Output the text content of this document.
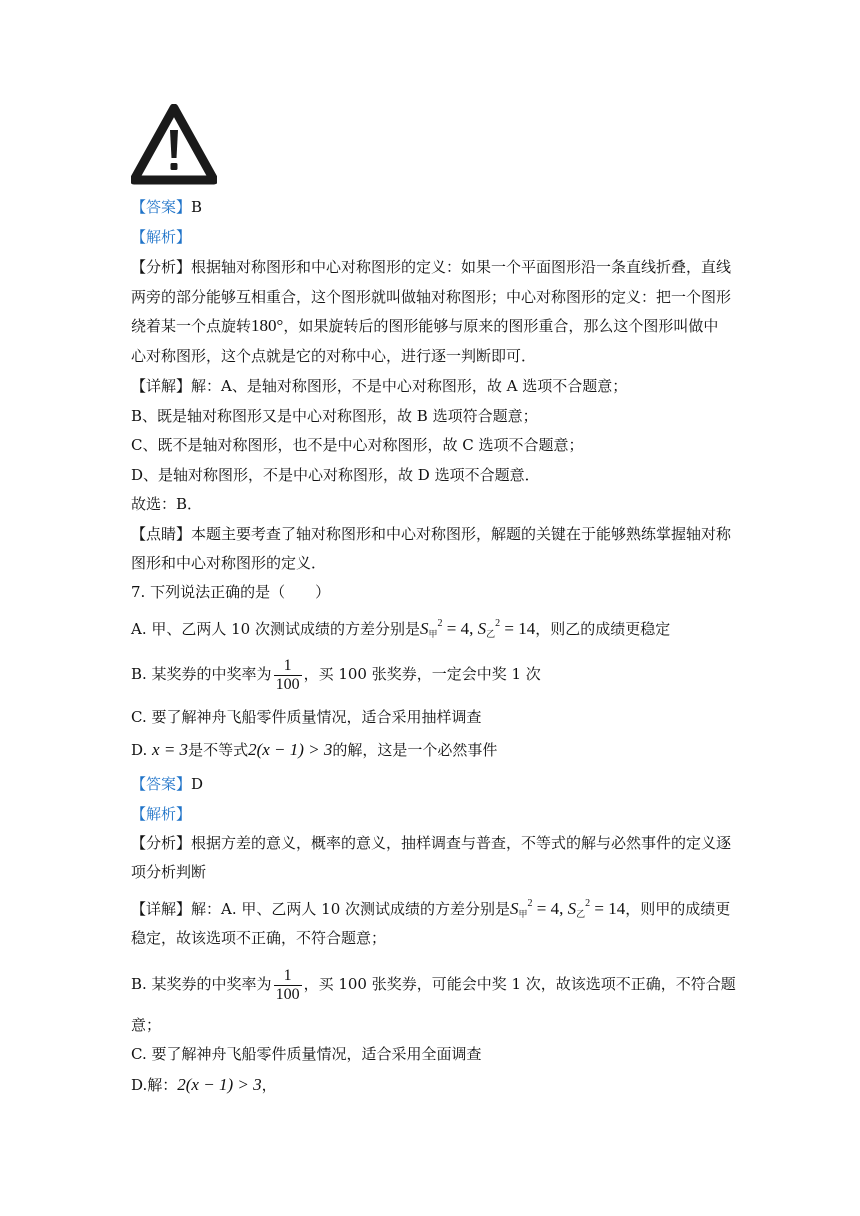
【答案】B
【解析】
【分析】根据轴对称图形和中心对称图形的定义：如果一个平面图形沿一条直线折叠，直线
两旁的部分能够互相重合，这个图形就叫做轴对称图形；中心对称图形的定义：把一个图形
绕着某一个点旋转180°，如果旋转后的图形能够与原来的图形重合，那么这个图形叫做中
心对称图形，这个点就是它的对称中心，进行逐一判断即可．
【详解】解：A、是轴对称图形，不是中心对称图形，故 A 选项不合题意；
B、既是轴对称图形又是中心对称图形，故 B 选项符合题意；
C、既不是轴对称图形，也不是中心对称图形，故 C 选项不合题意；
D、是轴对称图形，不是中心对称图形，故 D 选项不合题意．
故选：B．
【点睛】本题主要考查了轴对称图形和中心对称图形，解题的关键在于能够熟练掌握轴对称
图形和中心对称图形的定义．
7. 下列说法正确的是（　　）
A. 甲、乙两人 10 次测试成绩的方差分别是$S_甲^2 = 4$, $S_乙^2 = 14$，则乙的成绩更稳定
B. 某奖券的中奖率为 $\frac{1}{100}$ ，买 100 张奖券，一定会中奖 1 次
C. 要了解神舟飞船零件质量情况，适合采用抽样调查
D. x = 3是不等式2(x − 1) > 3的解，这是一个必然事件
【答案】D
【解析】
【分析】根据方差的意义，概率的意义，抽样调查与普查，不等式的解与必然事件的定义逐
项分析判断
【详解】解：A. 甲、乙两人 10 次测试成绩的方差分别是$S_甲^2 = 4$, $S_乙^2 = 14$，则甲的成绩更
稳定，故该选项不正确，不符合题意；
B. 某奖券的中奖率为 $\frac{1}{100}$ ，买 100 张奖券，可能会中奖 1 次，故该选项不正确，不符合题
意；
C. 要了解神舟飞船零件质量情况，适合采用全面调查
D.解：2(x − 1) > 3，
